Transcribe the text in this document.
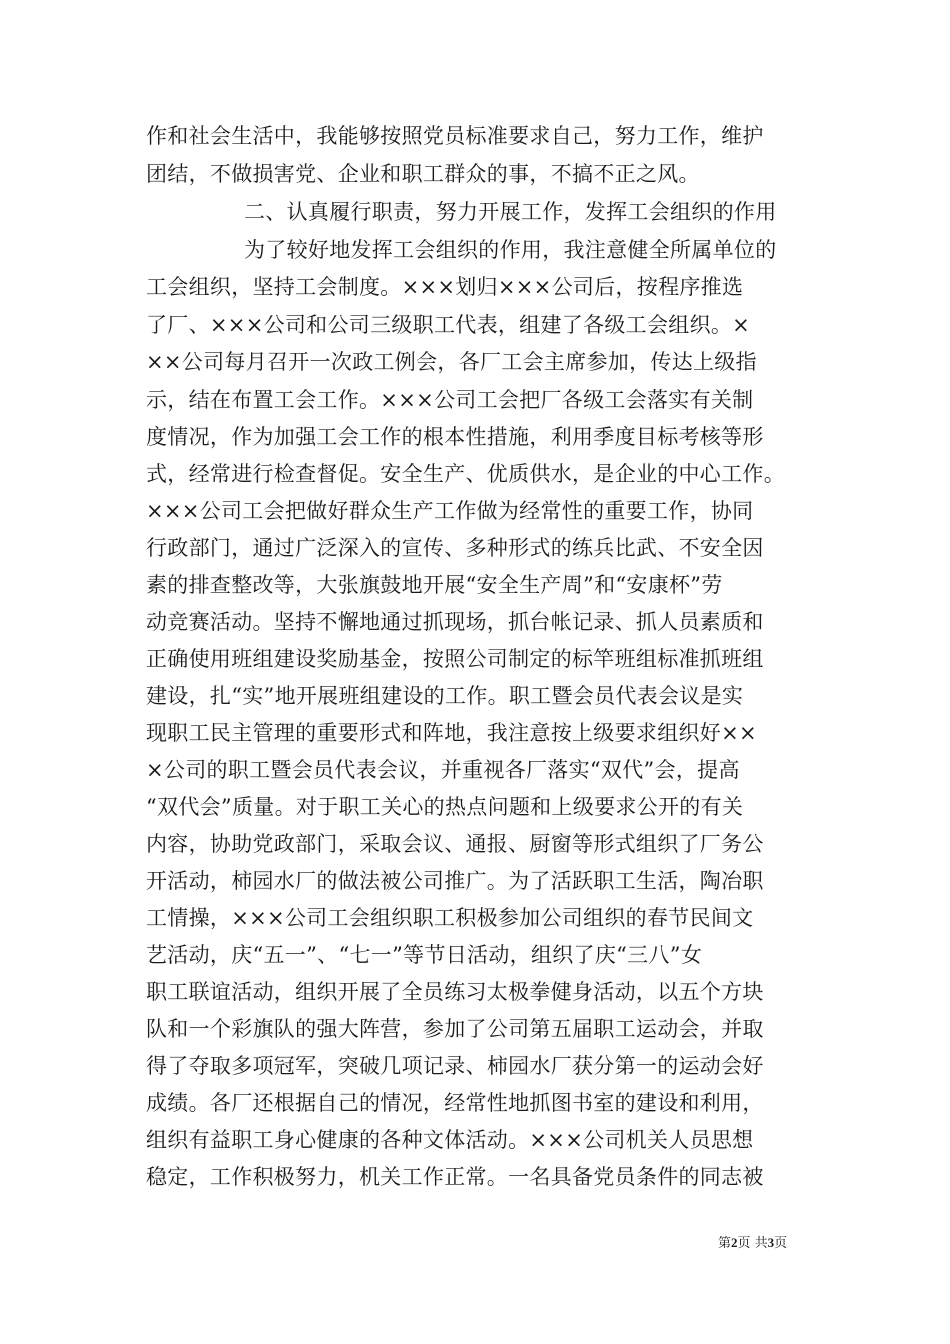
作和社会生活中，我能够按照党员标准要求自己，努力工作，维护
团结，不做损害党、企业和职工群众的事，不搞不正之风。
二、认真履行职责，努力开展工作，发挥工会组织的作用
为了较好地发挥工会组织的作用，我注意健全所属单位的
工会组织，坚持工会制度。×××划归×××公司后，按程序推选
了厂、×××公司和公司三级职工代表，组建了各级工会组织。×
××公司每月召开一次政工例会，各厂工会主席参加，传达上级指
示，结在布置工会工作。×××公司工会把厂各级工会落实有关制
度情况，作为加强工会工作的根本性措施，利用季度目标考核等形
式，经常进行检查督促。安全生产、优质供水，是企业的中心工作。
×××公司工会把做好群众生产工作做为经常性的重要工作，协同
行政部门，通过广泛深入的宣传、多种形式的练兵比武、不安全因
素的排查整改等，大张旗鼓地开展“安全生产周”和“安康杯”劳
动竞赛活动。坚持不懈地通过抓现场，抓台帐记录、抓人员素质和
正确使用班组建设奖励基金，按照公司制定的标竿班组标准抓班组
建设，扎“实”地开展班组建设的工作。职工暨会员代表会议是实
现职工民主管理的重要形式和阵地，我注意按上级要求组织好××
×公司的职工暨会员代表会议，并重视各厂落实“双代”会，提高
“双代会”质量。对于职工关心的热点问题和上级要求公开的有关
内容，协助党政部门，采取会议、通报、厨窗等形式组织了厂务公
开活动，柿园水厂的做法被公司推广。为了活跃职工生活，陶冶职
工情操，×××公司工会组织职工积极参加公司组织的春节民间文
艺活动，庆“五一”、“七一”等节日活动，组织了庆“三八”女
职工联谊活动，组织开展了全员练习太极拳健身活动，以五个方块
队和一个彩旗队的强大阵营，参加了公司第五届职工运动会，并取
得了夺取多项冠军，突破几项记录、柿园水厂获分第一的运动会好
成绩。各厂还根据自己的情况，经常性地抓图书室的建设和利用，
组织有益职工身心健康的各种文体活动。×××公司机关人员思想
稳定，工作积极努力，机关工作正常。一名具备党员条件的同志被
第2页 共3页
